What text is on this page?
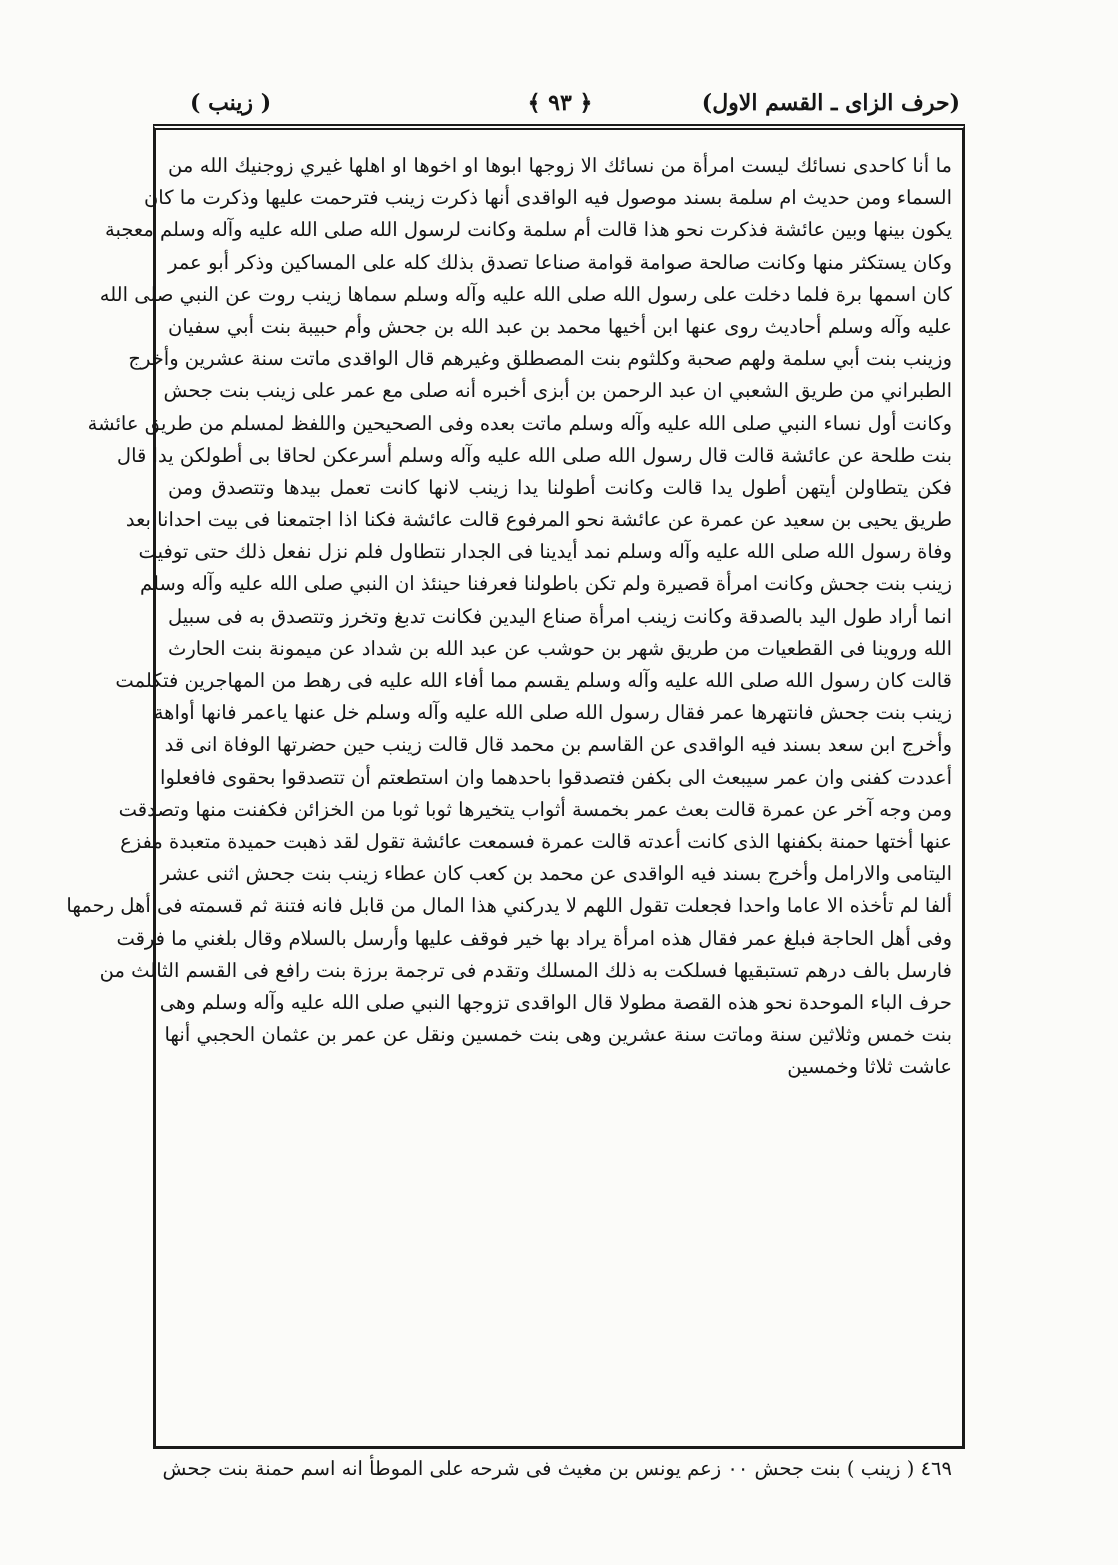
(حرف الزاى ـ القسم الاول)
﴿ ٩٣ ﴾
( زينب )
ما أنا كاحدى نسائك ليست امرأة من نسائك الا زوجها ابوها او اخوها او اهلها غيري زوجنيك الله من
السماء ومن حديث ام سلمة بسند موصول فيه الواقدى أنها ذكرت زينب فترحمت عليها وذكرت ما كان
يكون بينها وبين عائشة فذكرت نحو هذا قالت أم سلمة وكانت لرسول الله صلى الله عليه وآله وسلم معجبة
وكان يستكثر منها وكانت صالحة صوامة قوامة صناعا تصدق بذلك كله على المساكين وذكر أبو عمر
كان اسمها برة فلما دخلت على رسول الله صلى الله عليه وآله وسلم سماها زينب روت عن النبي صلى الله
عليه وآله وسلم أحاديث روى عنها ابن أخيها محمد بن عبد الله بن جحش وأم حبيبة بنت أبي سفيان
وزينب بنت أبي سلمة ولهم صحبة وكلثوم بنت المصطلق وغيرهم قال الواقدى ماتت سنة عشرين وأخرج
الطبراني من طريق الشعبي ان عبد الرحمن بن أبزى أخبره أنه صلى مع عمر على زينب بنت جحش
وكانت أول نساء النبي صلى الله عليه وآله وسلم ماتت بعده وفى الصحيحين واللفظ لمسلم من طريق عائشة
بنت طلحة عن عائشة قالت قال رسول الله صلى الله عليه وآله وسلم أسرعكن لحاقا بى أطولكن يدا قال
فكن يتطاولن أيتهن أطول يدا قالت وكانت أطولنا يدا زينب لانها كانت تعمل بيدها وتتصدق ومن
طريق يحيى بن سعيد عن عمرة عن عائشة نحو المرفوع قالت عائشة فكنا اذا اجتمعنا فى بيت احدانا بعد
وفاة رسول الله صلى الله عليه وآله وسلم نمد أيدينا فى الجدار نتطاول فلم نزل نفعل ذلك حتى توفيت
زينب بنت جحش وكانت امرأة قصيرة ولم تكن باطولنا فعرفنا حينئذ ان النبي صلى الله عليه وآله وسلم
انما أراد طول اليد بالصدقة وكانت زينب امرأة صناع اليدين فكانت تدبغ وتخرز وتتصدق به فى سبيل
الله وروينا فى القطعيات من طريق شهر بن حوشب عن عبد الله بن شداد عن ميمونة بنت الحارث
قالت كان رسول الله صلى الله عليه وآله وسلم يقسم مما أفاء الله عليه فى رهط من المهاجرين فتكلمت
زينب بنت جحش فانتهرها عمر فقال رسول الله صلى الله عليه وآله وسلم خل عنها ياعمر فانها أواهة
وأخرج ابن سعد بسند فيه الواقدى عن القاسم بن محمد قال قالت زينب حين حضرتها الوفاة انى قد
أعددت كفنى وان عمر سيبعث الى بكفن فتصدقوا باحدهما وان استطعتم أن تتصدقوا بحقوى فافعلوا
ومن وجه آخر عن عمرة قالت بعث عمر بخمسة أثواب يتخيرها ثوبا ثوبا من الخزائن فكفنت منها وتصدقت
عنها أختها حمنة بكفنها الذى كانت أعدته قالت عمرة فسمعت عائشة تقول لقد ذهبت حميدة متعبدة مفزع
اليتامى والارامل وأخرج بسند فيه الواقدى عن محمد بن كعب كان عطاء زينب بنت جحش اثنى عشر
ألفا لم تأخذه الا عاما واحدا فجعلت تقول اللهم لا يدركني هذا المال من قابل فانه فتنة ثم قسمته فى أهل رحمها
وفى أهل الحاجة فبلغ عمر فقال هذه امرأة يراد بها خير فوقف عليها وأرسل بالسلام وقال بلغني ما فرقت
فارسل بالف درهم تستبقيها فسلكت به ذلك المسلك وتقدم فى ترجمة برزة بنت رافع فى القسم الثالث من
حرف الباء الموحدة نحو هذه القصة مطولا قال الواقدى تزوجها النبي صلى الله عليه وآله وسلم وهى
بنت خمس وثلاثين سنة وماتت سنة عشرين وهى بنت خمسين ونقل عن عمر بن عثمان الحجبي أنها
عاشت ثلاثا وخمسين
٤٦٩ ( زينب ) بنت جحش ٠٠ زعم يونس بن مغيث فى شرحه على الموطأ انه اسم حمنة بنت جحش
